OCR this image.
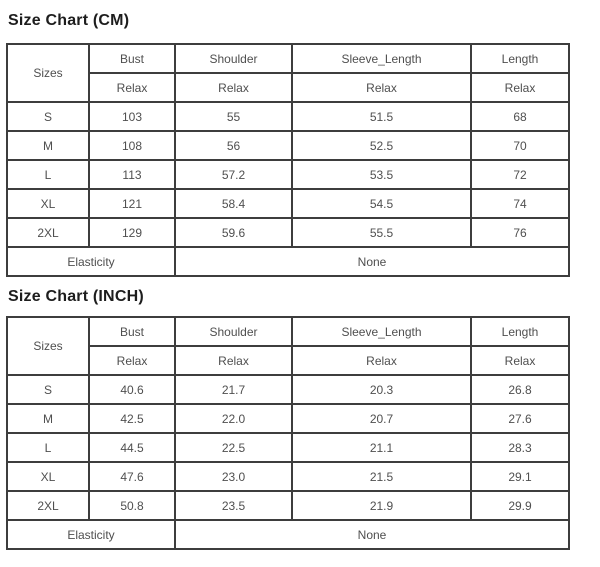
Size Chart (CM)
Sizes	Bust	Shoulder	Sleeve_Length	Length
	Relax	Relax	Relax	Relax
S	103	55	51.5	68
M	108	56	52.5	70
L	113	57.2	53.5	72
XL	121	58.4	54.5	74
2XL	129	59.6	55.5	76
Elasticity		None		
Size Chart (INCH)
Sizes	Bust	Shoulder	Sleeve_Length	Length
	Relax	Relax	Relax	Relax
S	40.6	21.7	20.3	26.8
M	42.5	22.0	20.7	27.6
L	44.5	22.5	21.1	28.3
XL	47.6	23.0	21.5	29.1
2XL	50.8	23.5	21.9	29.9
Elasticity		None		
